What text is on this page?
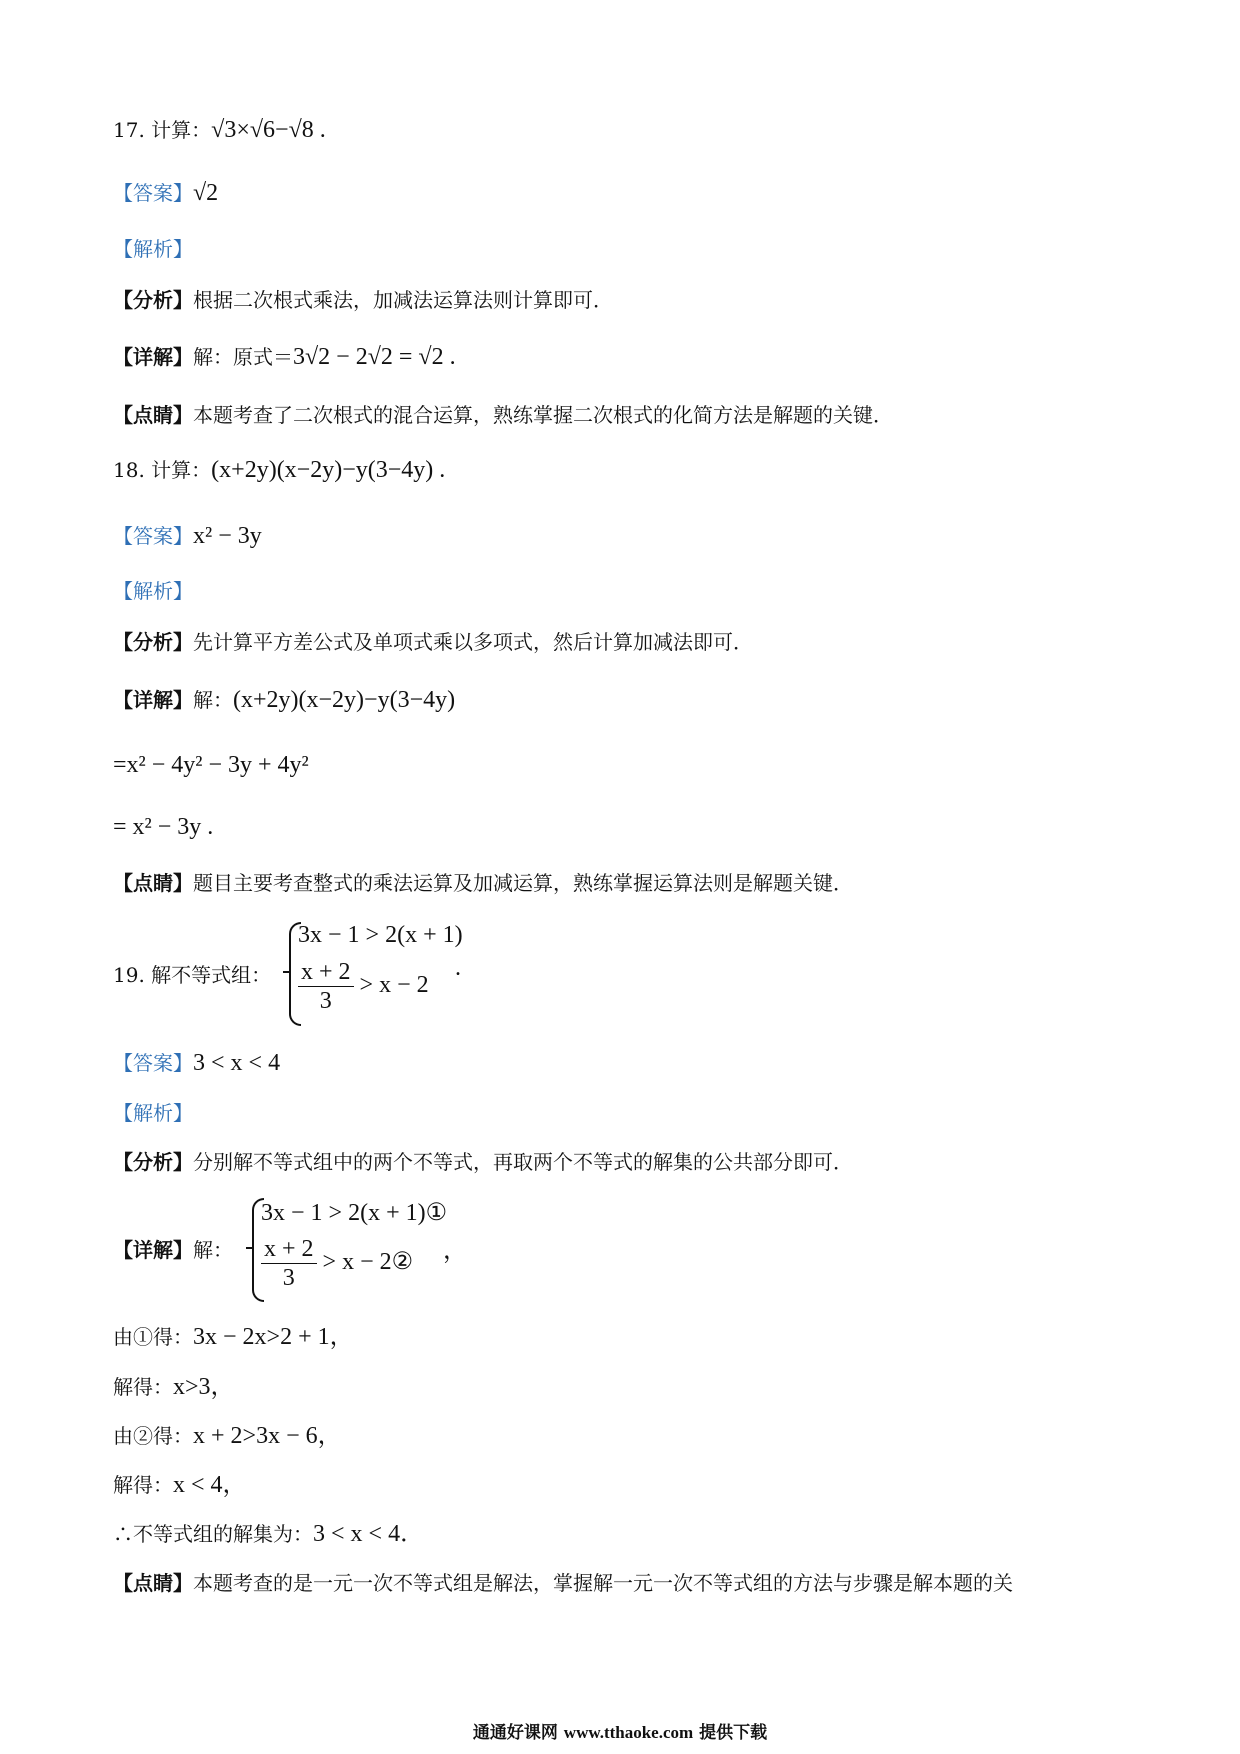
17. 计算：√3×√6−√8 .
【答案】√2
【解析】
【分析】根据二次根式乘法，加减法运算法则计算即可．
【详解】解：原式＝3√2 − 2√2 = √2 .
【点睛】本题考查了二次根式的混合运算，熟练掌握二次根式的化简方法是解题的关键．
18. 计算：(x+2y)(x−2y)−y(3−4y) .
【答案】x² − 3y
【解析】
【分析】先计算平方差公式及单项式乘以多项式，然后计算加减法即可．
【详解】解：(x+2y)(x−2y)−y(3−4y)
=x² − 4y² − 3y + 4y²
= x² − 3y .
【点睛】题目主要考查整式的乘法运算及加减运算，熟练掌握运算法则是解题关键．
19. 解不等式组：
3x − 1 > 2(x + 1)
$\frac{x + 2}{3} > x - 2$
.
【答案】3 < x < 4
【解析】
【分析】分别解不等式组中的两个不等式，再取两个不等式的解集的公共部分即可．
【详解】解：
3x − 1 > 2(x + 1)①
$\frac{x + 2}{3} > x$ − 2② ，
由①得：3x − 2x>2 + 1，
解得：x>3，
由②得：x + 2>3x − 6，
解得：x < 4，
∴不等式组的解集为：3 < x < 4．
【点睛】本题考查的是一元一次不等式组是解法，掌握解一元一次不等式组的方法与步骤是解本题的关
通通好课网 www.tthaoke.com 提供下载
